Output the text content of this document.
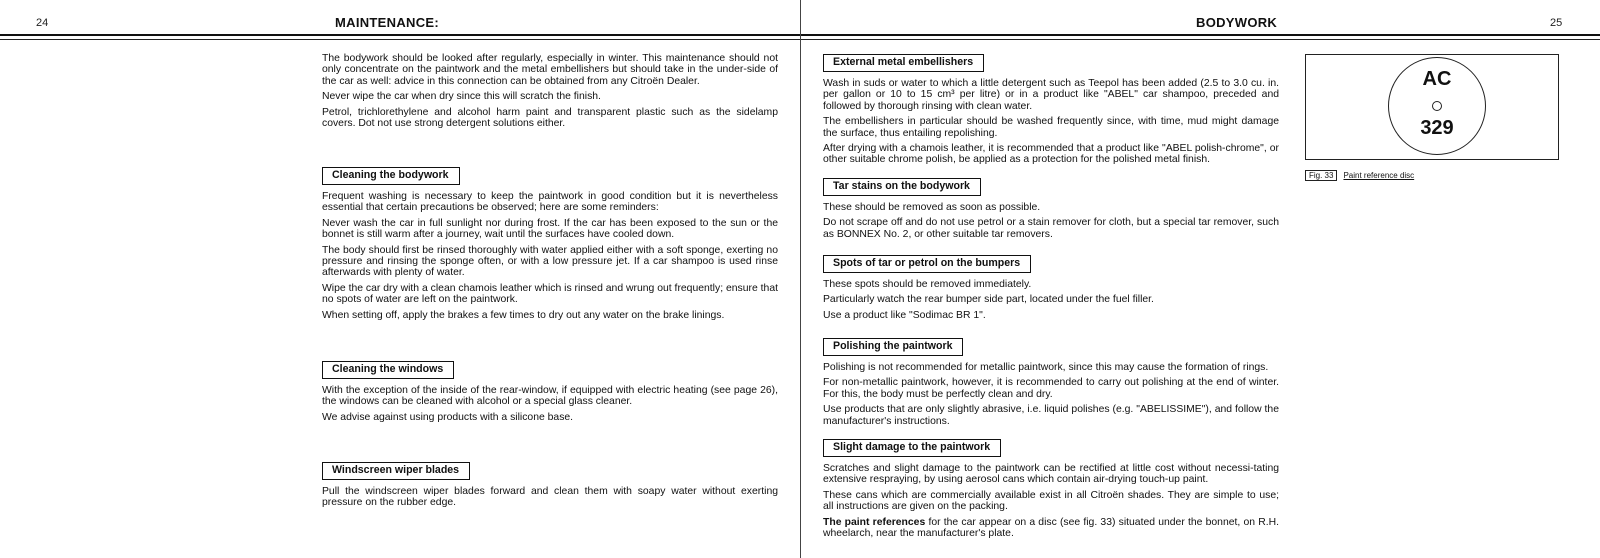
24	MAINTENANCE:

The bodywork should be looked after regularly, especially in winter. This maintenance should not only concentrate on the paintwork and the metal embellishers but should take in the under-side of the car as well: advice in this connection can be obtained from any Citroën Dealer.

Never wipe the car when dry since this will scratch the finish.

Petrol, trichlorethylene and alcohol harm paint and transparent plastic such as the sidelamp covers. Dot not use strong detergent solutions either.

Cleaning the bodywork

Frequent washing is necessary to keep the paintwork in good condition but it is nevertheless essential that certain precautions be observed; here are some reminders:

Never wash the car in full sunlight nor during frost. If the car has been exposed to the sun or the bonnet is still warm after a journey, wait until the surfaces have cooled down.

The body should first be rinsed thoroughly with water applied either with a soft sponge, exerting no pressure and rinsing the sponge often, or with a low pressure jet. If a car shampoo is used rinse afterwards with plenty of water.

Wipe the car dry with a clean chamois leather which is rinsed and wrung out frequently; ensure that no spots of water are left on the paintwork.

When setting off, apply the brakes a few times to dry out any water on the brake linings.

Cleaning the windows

With the exception of the inside of the rear-window, if equipped with electric heating (see page 26), the windows can be cleaned with alcohol or a special glass cleaner.

We advise against using products with a silicone base.

Windscreen wiper blades

Pull the windscreen wiper blades forward and clean them with soapy water without exerting pressure on the rubber edge.

BODYWORK	25
External metal embellishers

Wash in suds or water to which a little detergent such as Teepol has been added (2.5 to 3.0 cu. in. per gallon or 10 to 15 cm³ per litre) or in a product like "ABEL" car shampoo, preceded and followed by thorough rinsing with clean water.

The embellishers in particular should be washed frequently since, with time, mud might damage the surface, thus entailing repolishing.

After drying with a chamois leather, it is recommended that a product like "ABEL polish-chrome", or other suitable chrome polish, be applied as a protection for the polished metal finish.

Tar stains on the bodywork

These should be removed as soon as possible.

Do not scrape off and do not use petrol or a stain remover for cloth, but a special tar remover, such as BONNEX No. 2, or other suitable tar removers.

Spots of tar or petrol on the bumpers

These spots should be removed immediately.

Particularly watch the rear bumper side part, located under the fuel filler.

Use a product like "Sodimac BR 1".

Polishing the paintwork

Polishing is not recommended for metallic paintwork, since this may cause the formation of rings.

For non-metallic paintwork, however, it is recommended to carry out polishing at the end of winter. For this, the body must be perfectly clean and dry.

Use products that are only slightly abrasive, i.e. liquid polishes (e.g. "ABELISSIME"), and follow the manufacturer's instructions.

Slight damage to the paintwork

Scratches and slight damage to the paintwork can be rectified at little cost without necessi-tating extensive respraying, by using aerosol cans which contain air-drying touch-up paint.

These cans which are commercially available exist in all Citroën shades. They are simple to use; all instructions are given on the packing.

The paint references for the car appear on a disc (see fig. 33) situated under the bonnet, on R.H. wheelarch, near the manufacturer's plate.

AC
329
Fig. 33 Paint reference disc
